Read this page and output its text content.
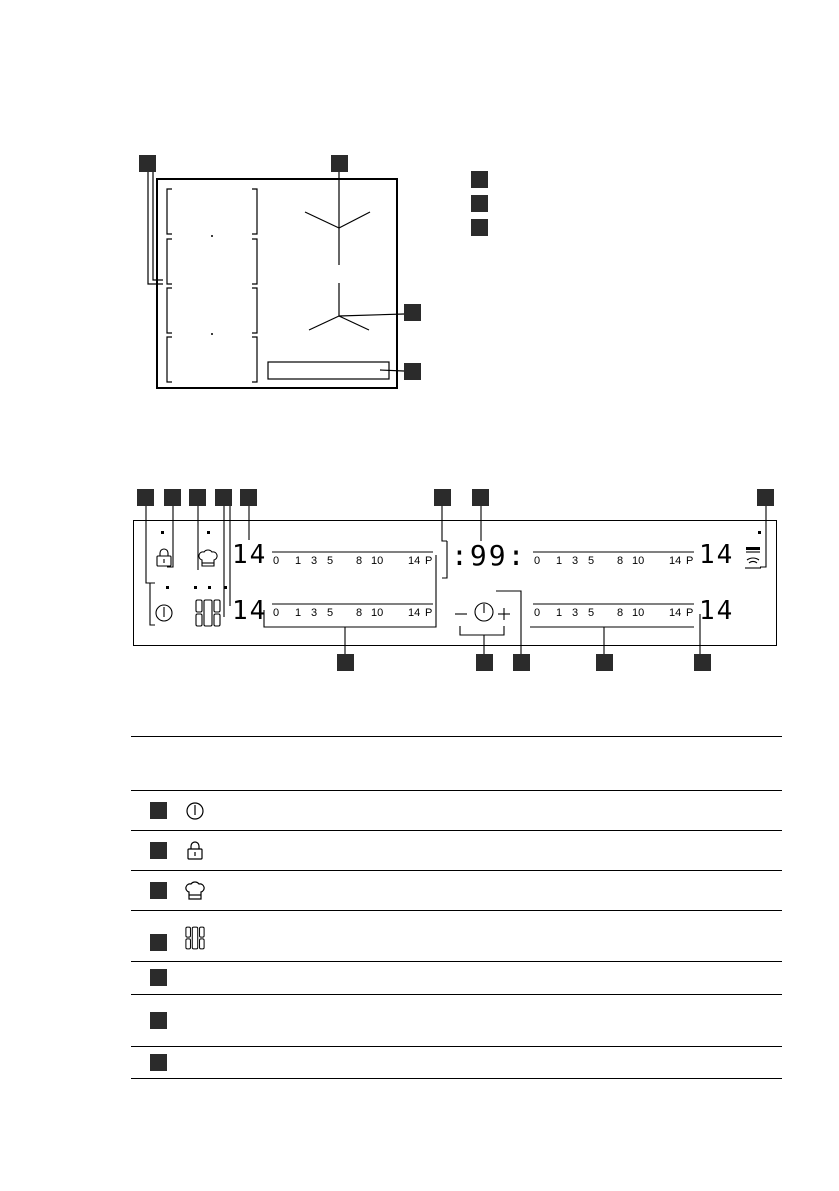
14
14
14
14
:99:
0 1 3 5 8 10 14 P
0 1 3 5 8 10 14 P
0 1 3 5 8 10 14 P
0 1 3 5 8 10 14 P
